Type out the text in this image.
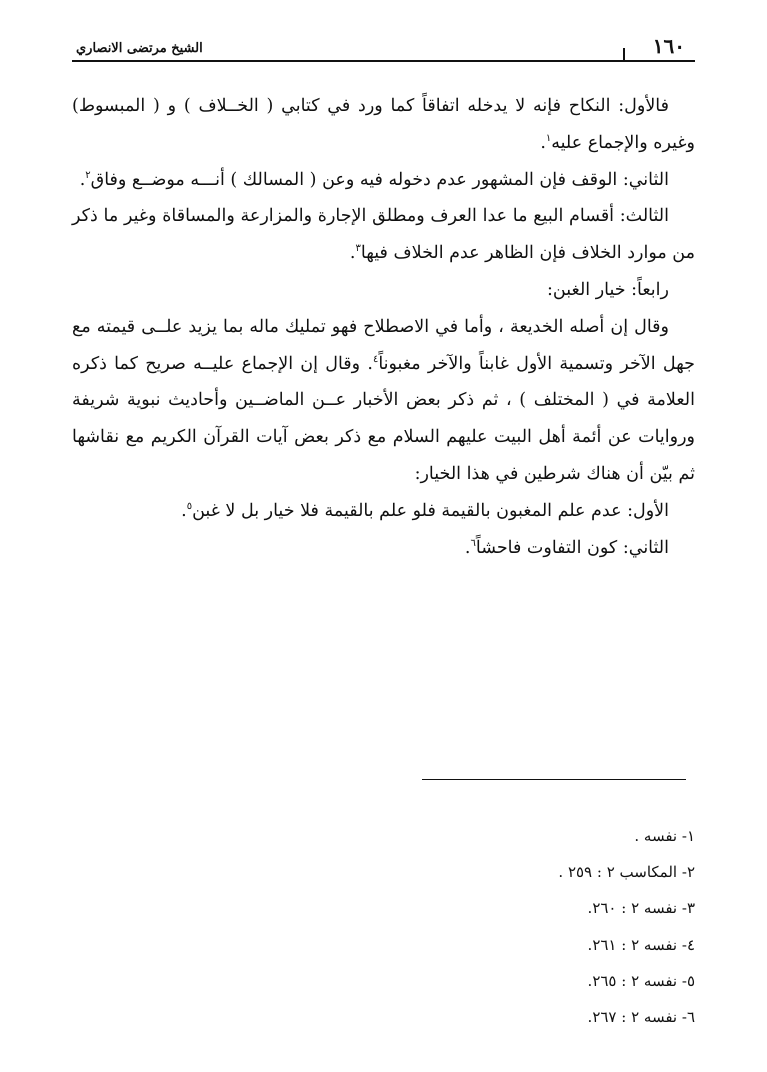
١٦٠
الشيخ مرتضى الانصاري

فالأول: النكاح فإنه لا يدخله اتفاقاً كما ورد في كتابي ( الخــلاف ) و ( المبسوط) وغيره والإجماع عليه$^١$.

الثاني: الوقف فإن المشهور عدم دخوله فيه وعن ( المسالك ) أنـــه موضــع وفاق$^٢$.

الثالث: أقسام البيع ما عدا العرف ومطلق الإجارة والمزارعة والمساقاة وغير ما ذكر من موارد الخلاف فإن الظاهر عدم الخلاف فيها$^٣$.

رابعاً: خيار الغبن:

وقال إن أصله الخديعة ، وأما في الاصطلاح فهو تمليك ماله بما يزيد علــى قيمته مع جهل الآخر وتسمية الأول غابناً والآخر مغبوناً$^٤$. وقال إن الإجماع عليــه صريح كما ذكره العلامة في ( المختلف ) ، ثم ذكر بعض الأخبار عــن الماضــين وأحاديث نبوية شريفة وروايات عن أئمة أهل البيت عليهم السلام مع ذكر بعض آيات القرآن الكريم مع نقاشها ثم بيّن أن هناك شرطين في هذا الخيار:

الأول: عدم علم المغبون بالقيمة فلو علم بالقيمة فلا خيار بل لا غبن$^٥$.

الثاني: كون التفاوت فاحشاً$^٦$.

١- نفسه .
٢- المكاسب ٢ : ٢٥٩ .
٣- نفسه ٢ : ٢٦٠.
٤- نفسه ٢ : ٢٦١.
٥- نفسه ٢ : ٢٦٥.
٦- نفسه ٢ : ٢٦٧.
